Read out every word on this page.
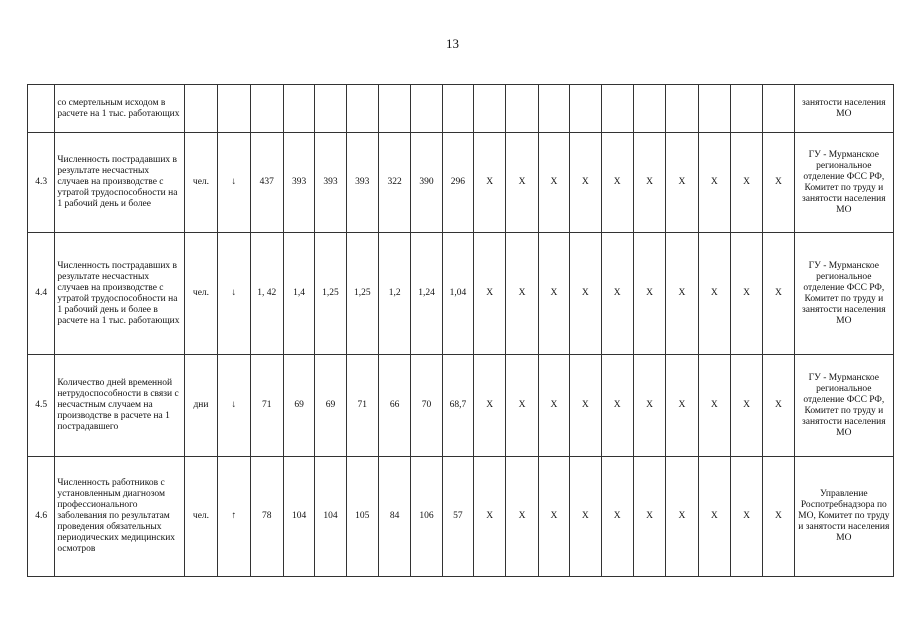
13
	со смертельным исходом в расчете на 1 тыс. работающих																				занятости населения МО
4.3	Численность пострадавших в результате несчастных случаев на производстве с утратой трудоспособности на 1 рабочий день и более	чел.	↓	437	393	393	393	322	390	296	X	X	X	X	X	X	X	X	X	X	ГУ - Мурманское региональное отделение ФСС РФ, Комитет по труду и занятости населения МО
4.4	Численность пострадавших в результате несчастных случаев на производстве с утратой трудоспособности на 1 рабочий день и более в расчете на 1 тыс. работающих	чел.	↓	1, 42	1,4	1,25	1,25	1,2	1,24	1,04	X	X	X	X	X	X	X	X	X	X	ГУ - Мурманское региональное отделение ФСС РФ, Комитет по труду и занятости населения МО
4.5	Количество дней временной нетрудоспособности в связи с несчастным случаем на производстве в расчете на 1 пострадавшего	дни	↓	71	69	69	71	66	70	68,7	X	X	X	X	X	X	X	X	X	X	ГУ - Мурманское региональное отделение ФСС РФ, Комитет по труду и занятости населения МО
4.6	Численность работников с установленным диагнозом профессионального заболевания по результатам проведения обязательных периодических медицинских осмотров	чел.	↑	78	104	104	105	84	106	57	X	X	X	X	X	X	X	X	X	X	Управление Роспотребнадзора по МО, Комитет по труду и занятости населения МО
